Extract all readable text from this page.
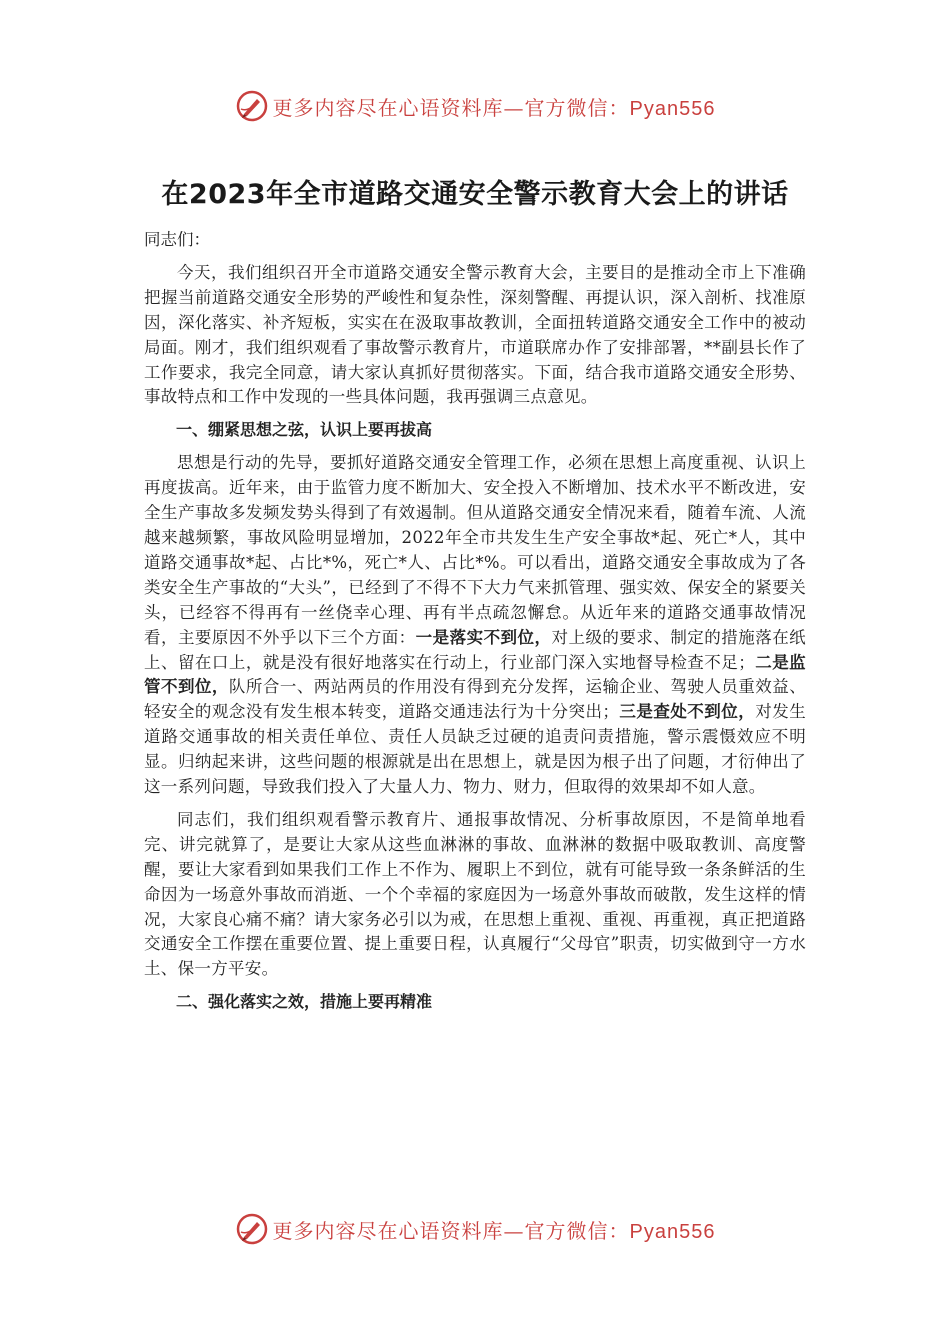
更多内容尽在心语资料库—官方微信：Pyan556
在2023年全市道路交通安全警示教育大会上的讲话

同志们：

今天，我们组织召开全市道路交通安全警示教育大会，主要目的是推动全市上下准确把握当前道路交通安全形势的严峻性和复杂性，深刻警醒、再提认识，深入剖析、找准原因，深化落实、补齐短板，实实在在汲取事故教训，全面扭转道路交通安全工作中的被动局面。刚才，我们组织观看了事故警示教育片，市道联席办作了安排部署，**副县长作了工作要求，我完全同意，请大家认真抓好贯彻落实。下面，结合我市道路交通安全形势、事故特点和工作中发现的一些具体问题，我再强调三点意见。

一、绷紧思想之弦，认识上要再拔高

思想是行动的先导，要抓好道路交通安全管理工作，必须在思想上高度重视、认识上再度拔高。近年来，由于监管力度不断加大、安全投入不断增加、技术水平不断改进，安全生产事故多发频发势头得到了有效遏制。但从道路交通安全情况来看，随着车流、人流越来越频繁，事故风险明显增加，2022年全市共发生生产安全事故*起、死亡*人，其中道路交通事故*起、占比*%，死亡*人、占比*%。可以看出，道路交通安全事故成为了各类安全生产事故的“大头”，已经到了不得不下大力气来抓管理、强实效、保安全的紧要关头，已经容不得再有一丝侥幸心理、再有半点疏忽懈怠。从近年来的道路交通事故情况看，主要原因不外乎以下三个方面：一是落实不到位，对上级的要求、制定的措施落在纸上、留在口上，就是没有很好地落实在行动上，行业部门深入实地督导检查不足；二是监管不到位，队所合一、两站两员的作用没有得到充分发挥，运输企业、驾驶人员重效益、轻安全的观念没有发生根本转变，道路交通违法行为十分突出；三是查处不到位，对发生道路交通事故的相关责任单位、责任人员缺乏过硬的追责问责措施，警示震慑效应不明显。归纳起来讲，这些问题的根源就是出在思想上，就是因为根子出了问题，才衍伸出了这一系列问题，导致我们投入了大量人力、物力、财力，但取得的效果却不如人意。

同志们，我们组织观看警示教育片、通报事故情况、分析事故原因，不是简单地看完、讲完就算了，是要让大家从这些血淋淋的事故、血淋淋的数据中吸取教训、高度警醒，要让大家看到如果我们工作上不作为、履职上不到位，就有可能导致一条条鲜活的生命因为一场意外事故而消逝、一个个幸福的家庭因为一场意外事故而破散，发生这样的情况，大家良心痛不痛？请大家务必引以为戒，在思想上重视、重视、再重视，真正把道路交通安全工作摆在重要位置、提上重要日程，认真履行“父母官”职责，切实做到守一方水土、保一方平安。

二、强化落实之效，措施上要再精准

更多内容尽在心语资料库—官方微信：Pyan556
